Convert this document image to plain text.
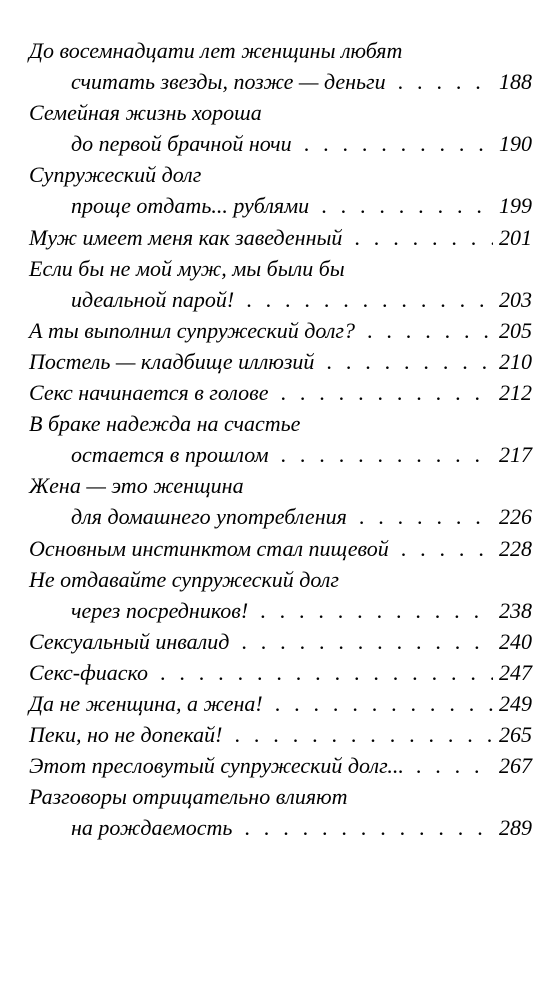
До восемнадцати лет женщины любят
считать звезды, позже — деньги . . .	188
Семейная жизнь хороша
до первой брачной ночи . . .	190
Супружеский долг
проще отдать... рублями . . .	199
Муж имеет меня как заведенный . . .	201
Если бы не мой муж, мы были бы
идеальной парой! . . .	203
А ты выполнил супружеский долг? . . .	205
Постель — кладбище иллюзий . . .	210
Секс начинается в голове . . .	212
В браке надежда на счастье
остается в прошлом . . .	217
Жена — это женщина
для домашнего употребления . . .	226
Основным инстинктом стал пищевой . . .	228
Не отдавайте супружеский долг
через посредников! . . .	238
Сексуальный инвалид . . .	240
Секс-фиаско . . .	247
Да не женщина, а жена! . . .	249
Пеки, но не допекай! . . .	265
Этот пресловутый супружеский долг... . . .	267
Разговоры отрицательно влияют
на рождаемость . . .	289
